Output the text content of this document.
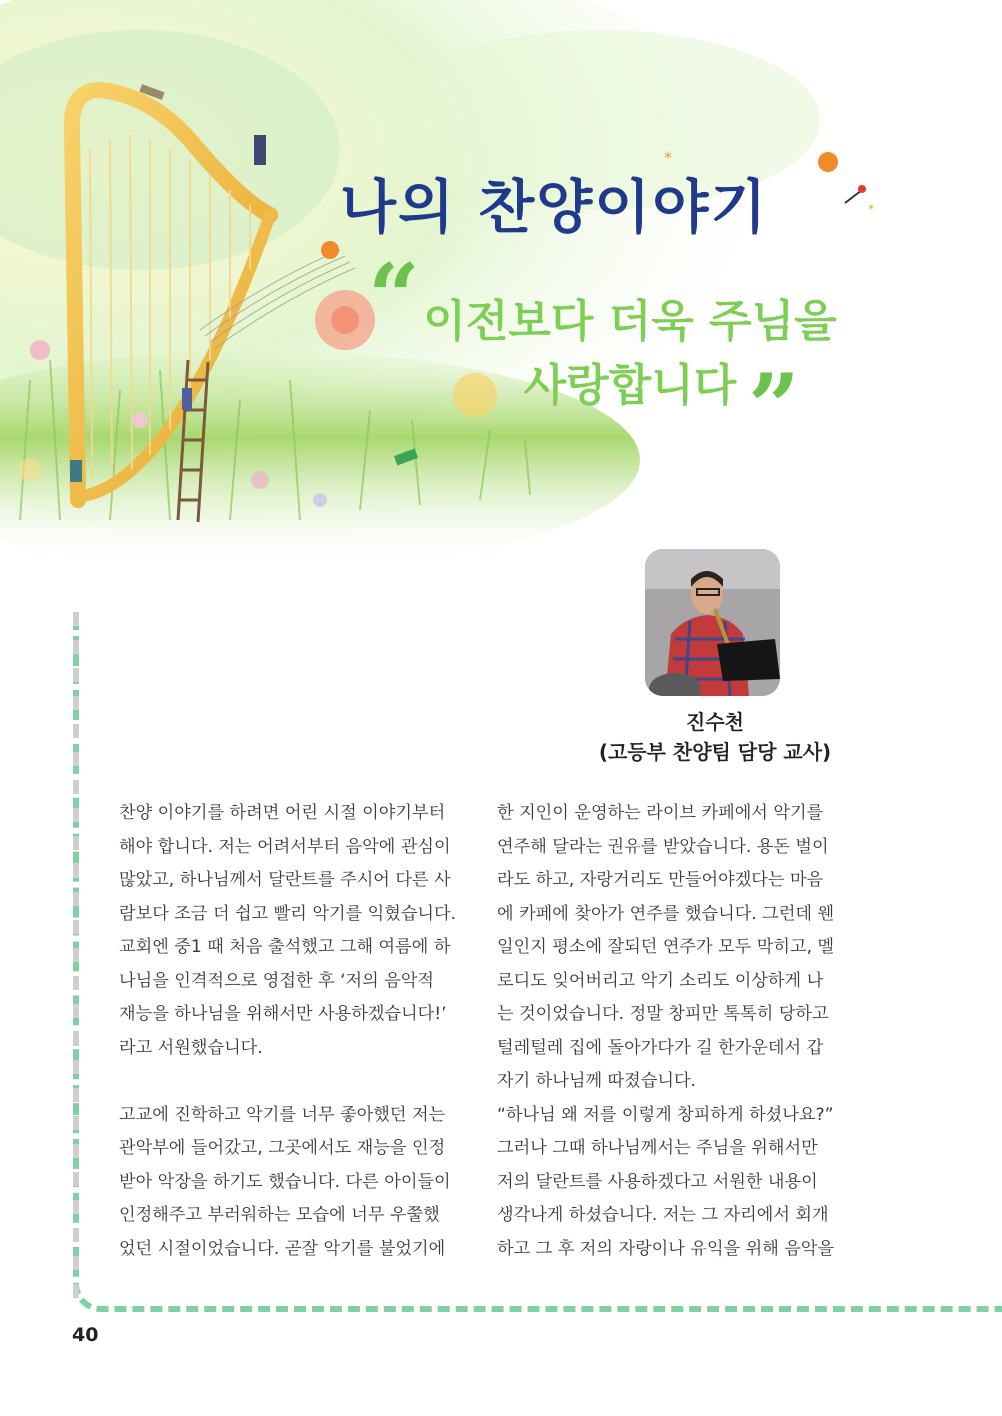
*
*
나의 찬양이야기
“ 이전보다 더욱 주님을
사랑합니다 ”
진수천
(고등부 찬양팀 담당 교사)

찬양 이야기를 하려면 어린 시절 이야기부터
해야 합니다. 저는 어려서부터 음악에 관심이
많았고, 하나님께서 달란트를 주시어 다른 사
람보다 조금 더 쉽고 빨리 악기를 익혔습니다.
교회엔 중1 때 처음 출석했고 그해 여름에 하
나님을 인격적으로 영접한 후 ‘저의 음악적
재능을 하나님을 위해서만 사용하겠습니다!’
라고 서원했습니다.

고교에 진학하고 악기를 너무 좋아했던 저는
관악부에 들어갔고, 그곳에서도 재능을 인정
받아 악장을 하기도 했습니다. 다른 아이들이
인정해주고 부러워하는 모습에 너무 우쭐했
었던 시절이었습니다. 곧잘 악기를 불었기에

한 지인이 운영하는 라이브 카페에서 악기를
연주해 달라는 권유를 받았습니다. 용돈 벌이
라도 하고, 자랑거리도 만들어야겠다는 마음
에 카페에 찾아가 연주를 했습니다. 그런데 웬
일인지 평소에 잘되던 연주가 모두 막히고, 멜
로디도 잊어버리고 악기 소리도 이상하게 나
는 것이었습니다. 정말 창피만 톡톡히 당하고
털레털레 집에 돌아가다가 길 한가운데서 갑
자기 하나님께 따졌습니다.
“하나님 왜 저를 이렇게 창피하게 하셨나요?”
그러나 그때 하나님께서는 주님을 위해서만
저의 달란트를 사용하겠다고 서원한 내용이
생각나게 하셨습니다. 저는 그 자리에서 회개
하고 그 후 저의 자랑이나 유익을 위해 음악을

40
